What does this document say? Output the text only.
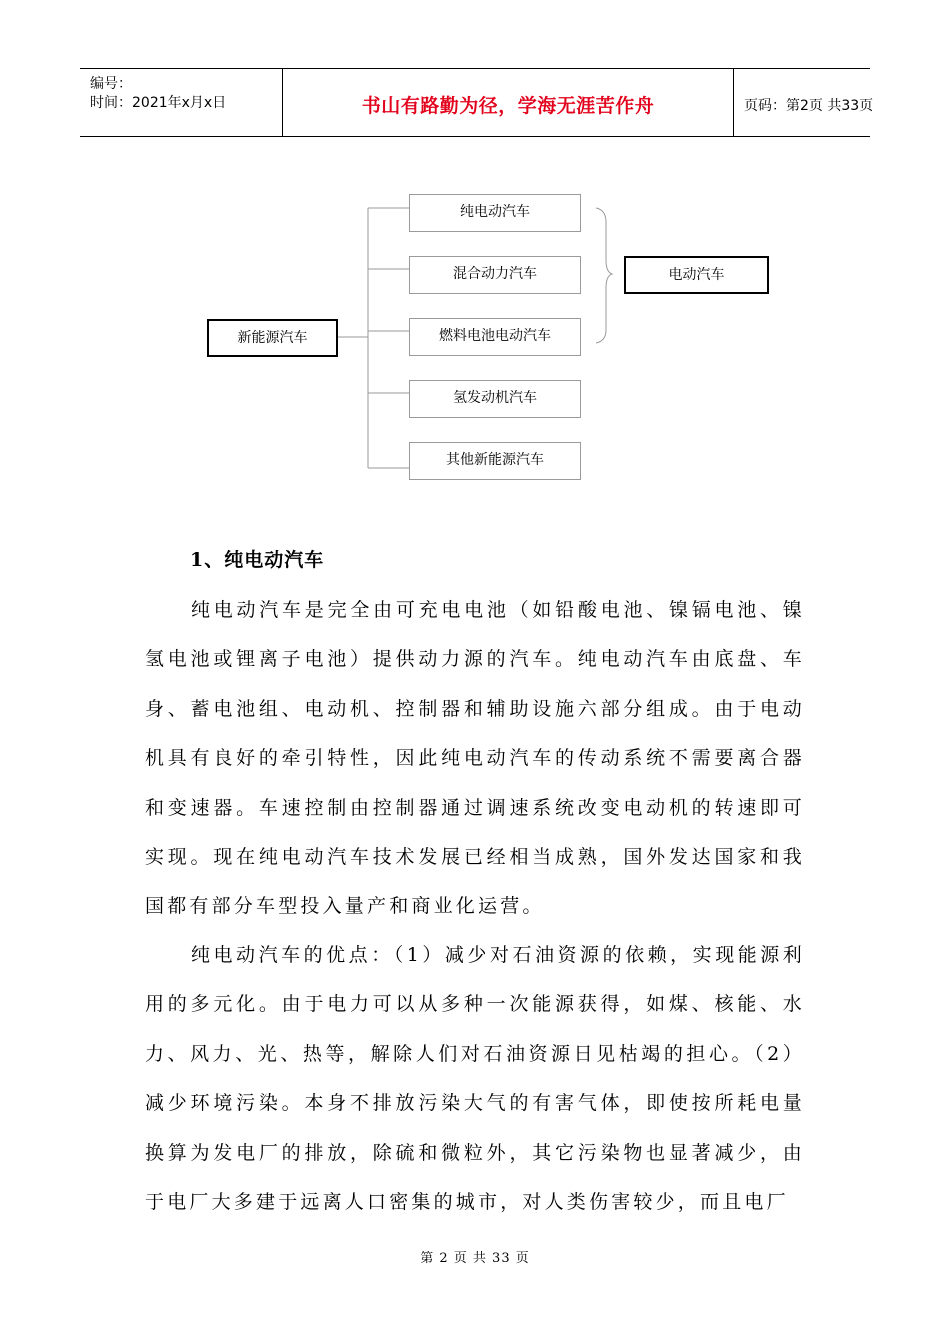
编号：
时间：2021年x月x日	书山有路勤为径，学海无涯苦作舟	页码：第2页 共33页
新能源汽车
纯电动汽车
混合动力汽车
燃料电池电动汽车
氢发动机汽车
其他新能源汽车
电动汽车
1、纯电动汽车

纯电动汽车是完全由可充电电池（如铅酸电池、镍镉电池、镍氢电池或锂离子电池）提供动力源的汽车。纯电动汽车由底盘、车身、蓄电池组、电动机、控制器和辅助设施六部分组成。由于电动机具有良好的牵引特性，因此纯电动汽车的传动系统不需要离合器和变速器。车速控制由控制器通过调速系统改变电动机的转速即可实现。现在纯电动汽车技术发展已经相当成熟，国外发达国家和我国都有部分车型投入量产和商业化运营。

纯电动汽车的优点：（1）减少对石油资源的依赖，实现能源利用的多元化。由于电力可以从多种一次能源获得，如煤、核能、水力、风力、光、热等，解除人们对石油资源日见枯竭的担心。（2）减少环境污染。本身不排放污染大气的有害气体，即使按所耗电量换算为发电厂的排放，除硫和微粒外，其它污染物也显著减少，由于电厂大多建于远离人口密集的城市，对人类伤害较少，而且电厂

第 2 页 共 33 页
